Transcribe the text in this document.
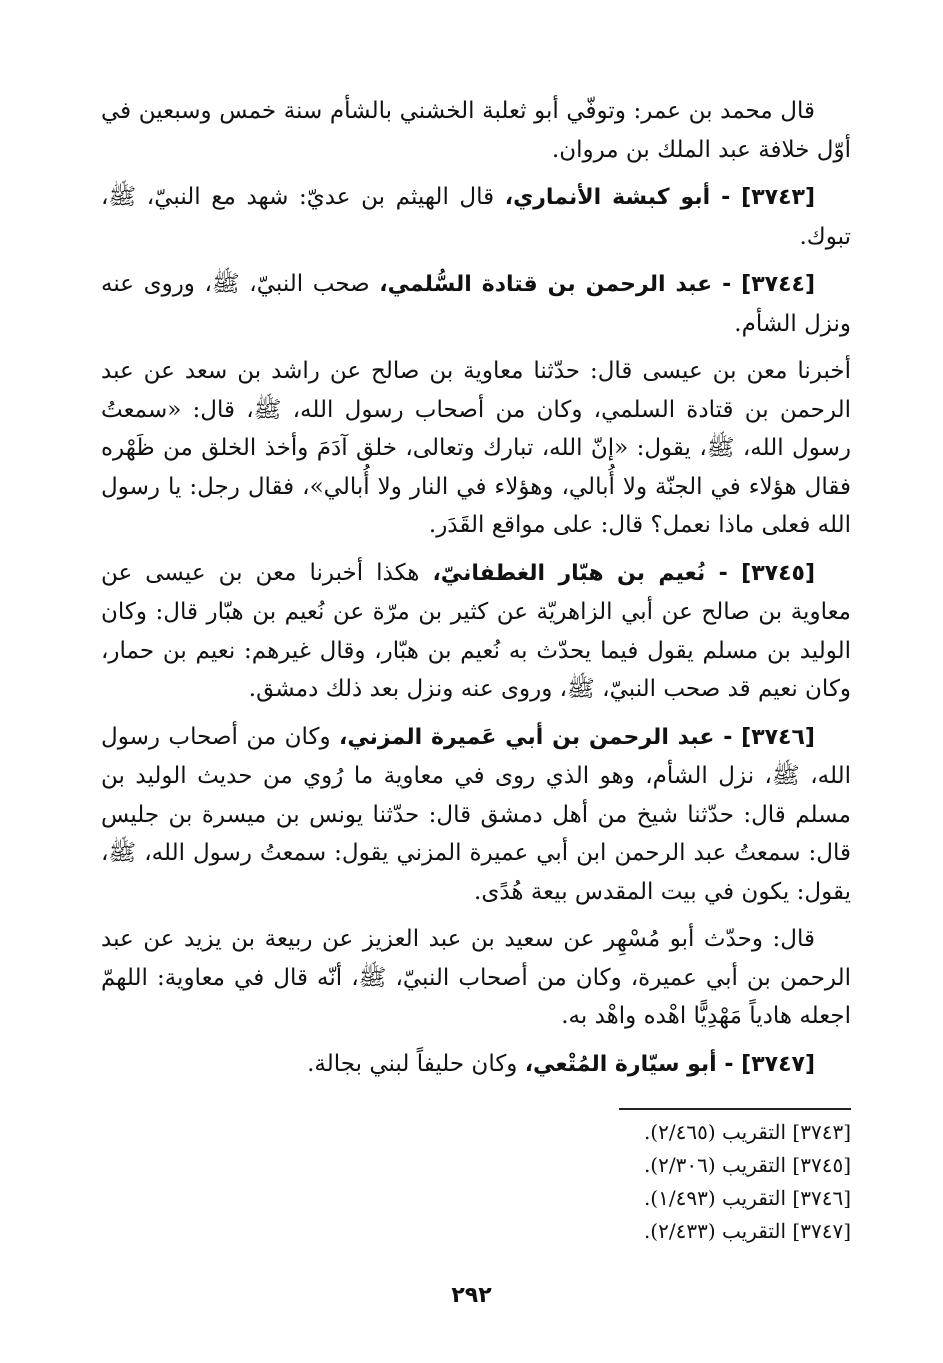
قال محمد بن عمر: وتوفّي أبو ثعلبة الخشني بالشأم سنة خمس وسبعين في أوّل خلافة عبد الملك بن مروان.

[٣٧٤٣] - أبو كبشة الأنماري، قال الهيثم بن عديّ: شهد مع النبيّ، ﷺ، تبوك.

[٣٧٤٤] - عبد الرحمن بن قتادة السُّلمي، صحب النبيّ، ﷺ، وروى عنه ونزل الشأم.

أخبرنا معن بن عيسى قال: حدّثنا معاوية بن صالح عن راشد بن سعد عن عبد الرحمن بن قتادة السلمي، وكان من أصحاب رسول الله، ﷺ، قال: «سمعتُ رسول الله، ﷺ، يقول: «إنّ الله، تبارك وتعالى، خلق آدَمَ وأخذ الخلق من ظَهْره فقال هؤلاء في الجنّة ولا أُبالي، وهؤلاء في النار ولا أُبالي»، فقال رجل: يا رسول الله فعلى ماذا نعمل؟ قال: على مواقع القَدَر.

[٣٧٤٥] - نُعيم بن هبّار الغطفانيّ، هكذا أخبرنا معن بن عيسى عن معاوية بن صالح عن أبي الزاهريّة عن كثير بن مرّة عن نُعيم بن هبّار قال: وكان الوليد بن مسلم يقول فيما يحدّث به نُعيم بن هبّار، وقال غيرهم: نعيم بن حمار، وكان نعيم قد صحب النبيّ، ﷺ، وروى عنه ونزل بعد ذلك دمشق.

[٣٧٤٦] - عبد الرحمن بن أبي عَميرة المزني، وكان من أصحاب رسول الله، ﷺ، نزل الشأم، وهو الذي روى في معاوية ما رُوي من حديث الوليد بن مسلم قال: حدّثنا شيخ من أهل دمشق قال: حدّثنا يونس بن ميسرة بن جليس قال: سمعتُ عبد الرحمن ابن أبي عميرة المزني يقول: سمعتُ رسول الله، ﷺ، يقول: يكون في بيت المقدس بيعة هُدًى.

قال: وحدّث أبو مُسْهِر عن سعيد بن عبد العزيز عن ربيعة بن يزيد عن عبد الرحمن بن أبي عميرة، وكان من أصحاب النبيّ، ﷺ، أنّه قال في معاوية: اللهمّ اجعله هادياً مَهْدِيًّا اهْده واهْد به.

[٣٧٤٧] - أبو سيّارة المُتْعي، وكان حليفاً لبني بجالة.

[٣٧٤٣] التقريب (٢/٤٦٥).
[٣٧٤٥] التقريب (٢/٣٠٦).
[٣٧٤٦] التقريب (١/٤٩٣).
[٣٧٤٧] التقريب (٢/٤٣٣).
٢٩٢
